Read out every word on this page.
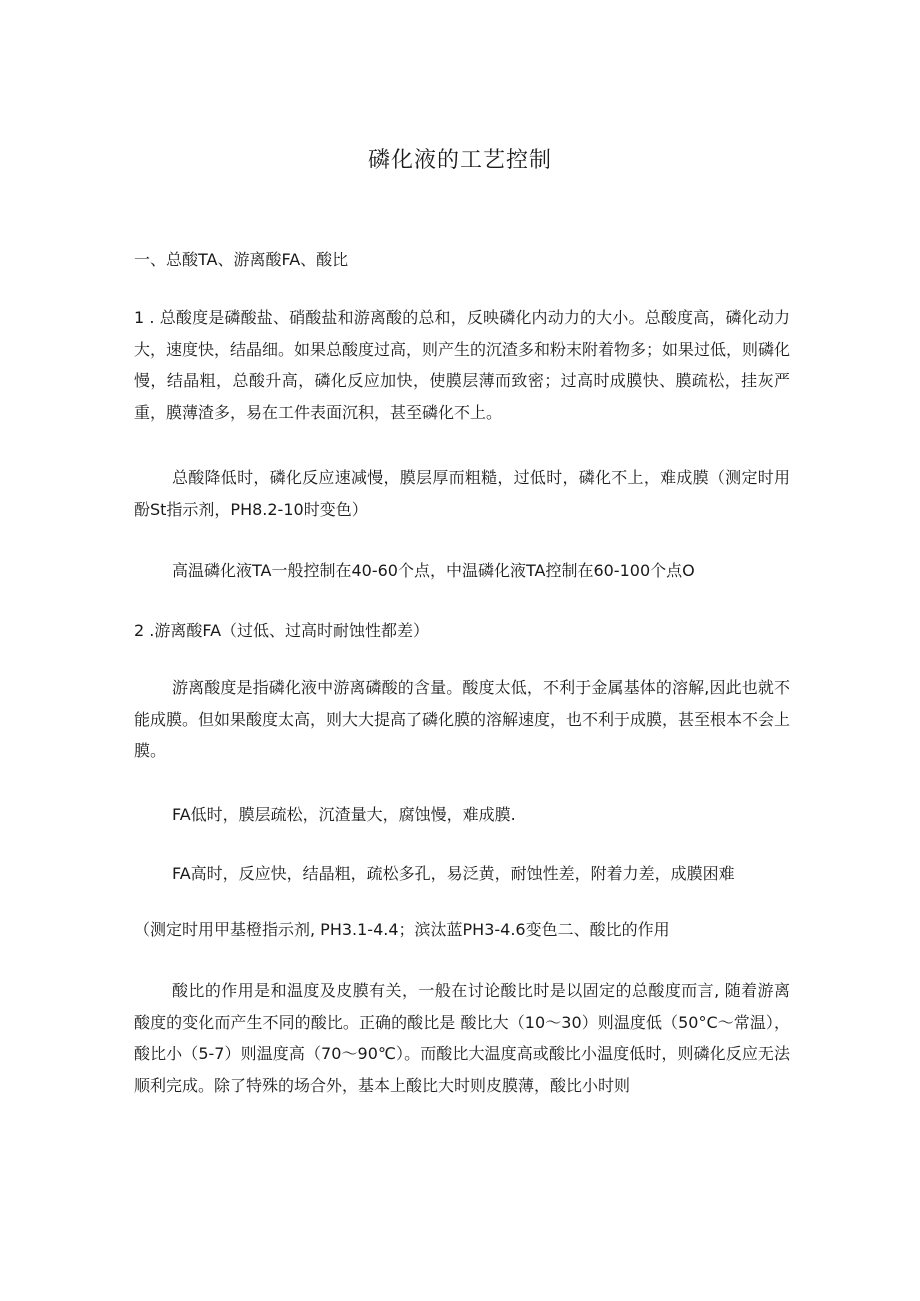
磷化液的工艺控制

一、总酸TA、游离酸FA、酸比

1 . 总酸度是磷酸盐、硝酸盐和游离酸的总和，反映磷化内动力的大小。总酸度高，磷化动力大，速度快，结晶细。如果总酸度过高，则产生的沉渣多和粉末附着物多；如果过低，则磷化慢，结晶粗，总酸升高，磷化反应加快，使膜层薄而致密；过高时成膜快、膜疏松，挂灰严重，膜薄渣多，易在工件表面沉积，甚至磷化不上。

总酸降低时，磷化反应速减慢，膜层厚而粗糙，过低时，磷化不上，难成膜（测定时用酚St指示剂，PH8.2-10时变色）

高温磷化液TA一般控制在40-60个点，中温磷化液TA控制在60-100个点O

2 .游离酸FA（过低、过高时耐蚀性都差）

游离酸度是指磷化液中游离磷酸的含量。酸度太低，不利于金属基体的溶解,因此也就不能成膜。但如果酸度太高，则大大提高了磷化膜的溶解速度，也不利于成膜，甚至根本不会上膜。

FA低时，膜层疏松，沉渣量大，腐蚀慢，难成膜.

FA高时，反应快，结晶粗，疏松多孔，易泛黄，耐蚀性差，附着力差，成膜困难

（测定时用甲基橙指示剂, PH3.1-4.4；滨汰蓝PH3-4.6变色二、酸比的作用

酸比的作用是和温度及皮膜有关，一般在讨论酸比时是以固定的总酸度而言, 随着游离酸度的变化而产生不同的酸比。正确的酸比是 酸比大（10～30）则温度低（50°C～常温），酸比小（5-7）则温度高（70～90℃）。而酸比大温度高或酸比小温度低时，则磷化反应无法顺利完成。除了特殊的场合外，基本上酸比大时则皮膜薄，酸比小时则
